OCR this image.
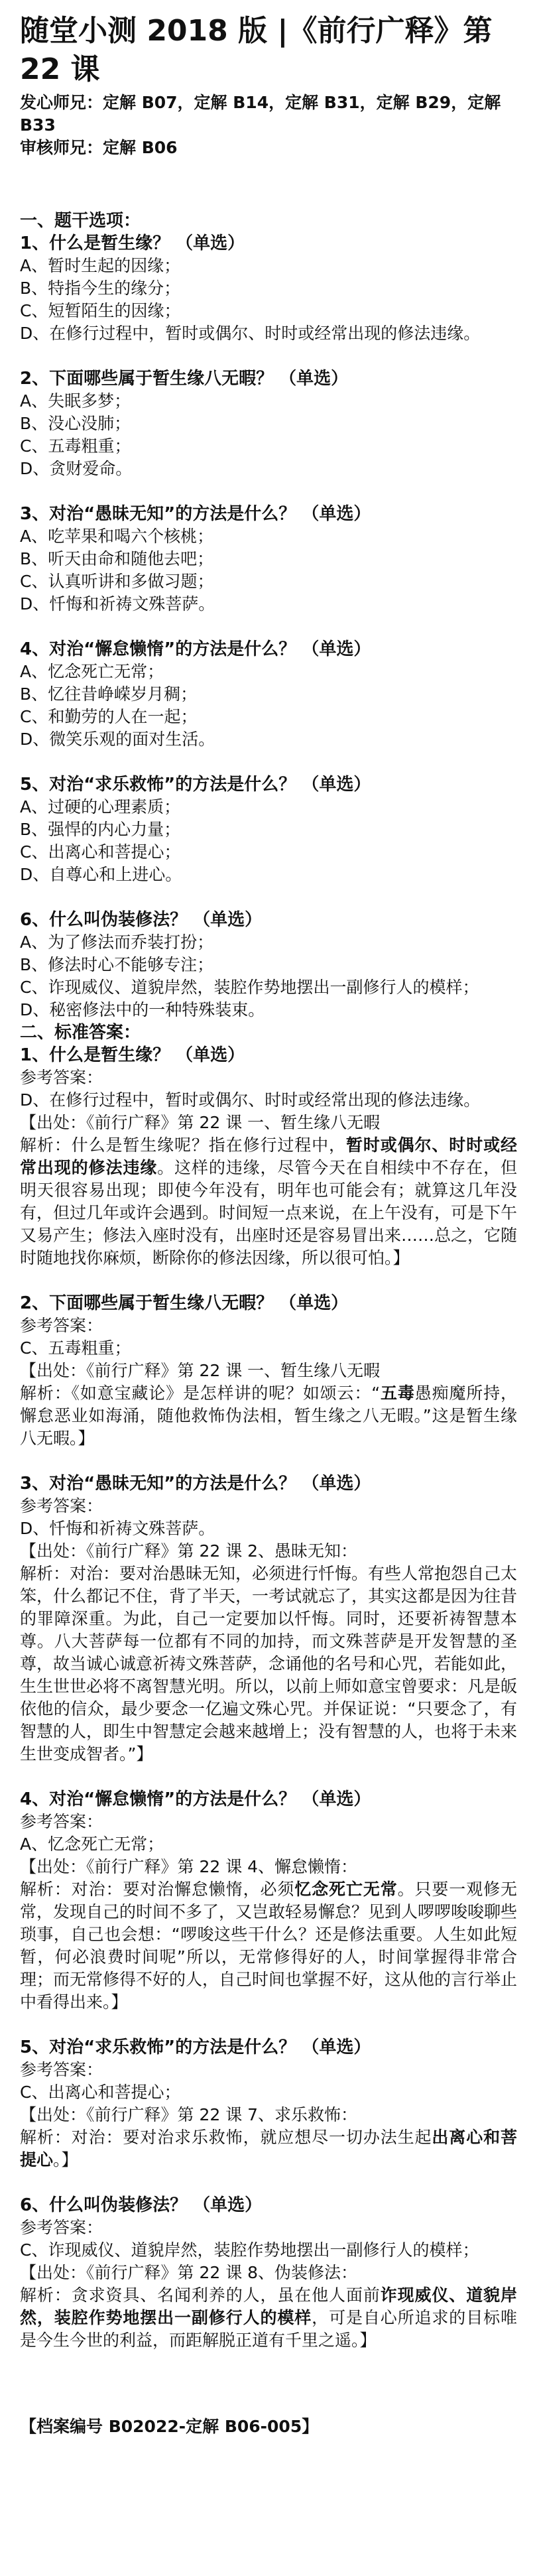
随堂小测 2018 版 |《前行广释》第 22 课
发心师兄：定解 B07，定解 B14，定解 B31，定解 B29，定解 B33
审核师兄：定解 B06
一、题干选项：
1、什么是暂生缘？ （单选）
A、暂时生起的因缘；
B、特指今生的缘分；
C、短暂陌生的因缘；
D、在修行过程中，暂时或偶尔、时时或经常出现的修法违缘。
2、下面哪些属于暂生缘八无暇？ （单选）
A、失眠多梦；
B、没心没肺；
C、五毒粗重；
D、贪财爱命。
3、对治“愚昧无知”的方法是什么？ （单选）
A、吃苹果和喝六个核桃；
B、听天由命和随他去吧；
C、认真听讲和多做习题；
D、忏悔和祈祷文殊菩萨。
4、对治“懈怠懒惰”的方法是什么？ （单选）
A、忆念死亡无常；
B、忆往昔峥嵘岁月稠；
C、和勤劳的人在一起；
D、微笑乐观的面对生活。
5、对治“求乐救怖”的方法是什么？ （单选）
A、过硬的心理素质；
B、强悍的内心力量；
C、出离心和菩提心；
D、自尊心和上进心。
6、什么叫伪装修法？ （单选）
A、为了修法而乔装打扮；
B、修法时心不能够专注；
C、诈现威仪、道貌岸然，装腔作势地摆出一副修行人的模样；
D、秘密修法中的一种特殊装束。
二、标准答案：
1、什么是暂生缘？ （单选）
参考答案：
D、在修行过程中，暂时或偶尔、时时或经常出现的修法违缘。
【出处：《前行广释》第 22 课 一、暂生缘八无暇
解析：什么是暂生缘呢？指在修行过程中，暂时或偶尔、时时或经常出现的修法违缘。这样的违缘，尽管今天在自相续中不存在，但明天很容易出现；即使今年没有，明年也可能会有；就算这几年没有，但过几年或许会遇到。时间短一点来说，在上午没有，可是下午又易产生；修法入座时没有，出座时还是容易冒出来……总之，它随时随地找你麻烦，断除你的修法因缘，所以很可怕。】
2、下面哪些属于暂生缘八无暇？ （单选）
参考答案：
C、五毒粗重；
【出处：《前行广释》第 22 课 一、暂生缘八无暇
解析：《如意宝藏论》是怎样讲的呢？如颂云：“五毒愚痴魔所持，懈怠恶业如海涌，随他救怖伪法相，暂生缘之八无暇。”这是暂生缘八无暇。】
3、对治“愚昧无知”的方法是什么？ （单选）
参考答案：
D、忏悔和祈祷文殊菩萨。
【出处：《前行广释》第 22 课 2、愚昧无知：
解析：对治：要对治愚昧无知，必须进行忏悔。有些人常抱怨自己太笨，什么都记不住，背了半天，一考试就忘了，其实这都是因为往昔的罪障深重。为此，自己一定要加以忏悔。同时，还要祈祷智慧本尊。八大菩萨每一位都有不同的加持，而文殊菩萨是开发智慧的圣尊，故当诚心诚意祈祷文殊菩萨，念诵他的名号和心咒，若能如此，生生世世必将不离智慧光明。所以，以前上师如意宝曾要求：凡是皈依他的信众，最少要念一亿遍文殊心咒。并保证说：“只要念了，有智慧的人，即生中智慧定会越来越增上；没有智慧的人，也将于未来生世变成智者。”】
4、对治“懈怠懒惰”的方法是什么？ （单选）
参考答案：
A、忆念死亡无常；
【出处：《前行广释》第 22 课 4、懈怠懒惰：
解析：对治：要对治懈怠懒惰，必须忆念死亡无常。只要一观修无常，发现自己的时间不多了，又岂敢轻易懈怠？见到人啰啰唆唆聊些琐事，自己也会想：“啰唆这些干什么？还是修法重要。人生如此短暂，何必浪费时间呢”所以，无常修得好的人，时间掌握得非常合理；而无常修得不好的人，自己时间也掌握不好，这从他的言行举止中看得出来。】
5、对治“求乐救怖”的方法是什么？ （单选）
参考答案：
C、出离心和菩提心；
【出处：《前行广释》第 22 课 7、求乐救怖：
解析：对治：要对治求乐救怖，就应想尽一切办法生起出离心和菩提心。】
6、什么叫伪装修法？ （单选）
参考答案：
C、诈现威仪、道貌岸然，装腔作势地摆出一副修行人的模样；
【出处：《前行广释》第 22 课 8、伪装修法：
解析：贪求资具、名闻利养的人，虽在他人面前诈现威仪、道貌岸然，装腔作势地摆出一副修行人的模样，可是自心所追求的目标唯是今生今世的利益，而距解脱正道有千里之遥。】
【档案编号 B02022-定解 B06-005】
